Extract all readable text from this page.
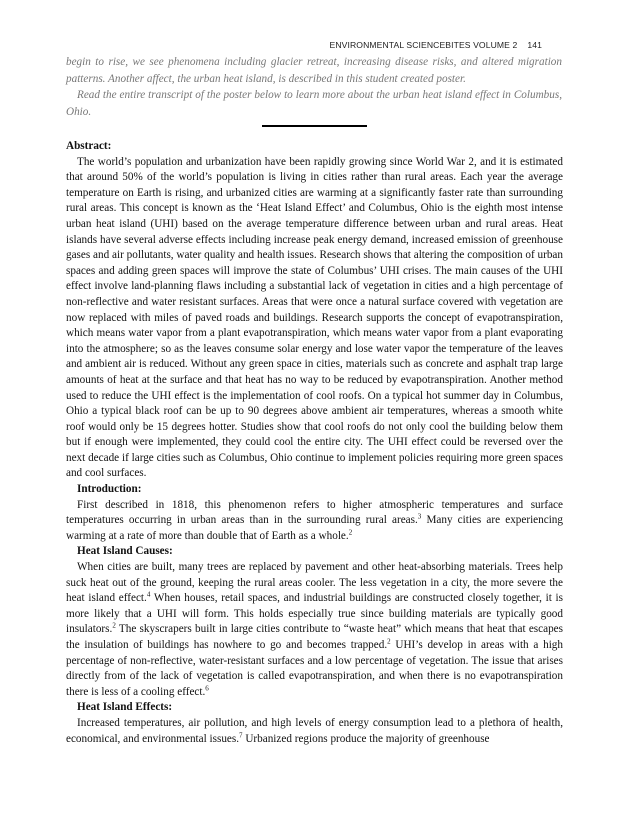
ENVIRONMENTAL SCIENCEBITES VOLUME 2 141
begin to rise, we see phenomena including glacier retreat, increasing disease risks, and altered migration patterns. Another affect, the urban heat island, is described in this student created poster.
Read the entire transcript of the poster below to learn more about the urban heat island effect in Columbus, Ohio.
Abstract:

The world’s population and urbanization have been rapidly growing since World War 2, and it is estimated that around 50% of the world’s population is living in cities rather than rural areas. Each year the average temperature on Earth is rising, and urbanized cities are warming at a significantly faster rate than surrounding rural areas. This concept is known as the ‘Heat Island Effect’ and Columbus, Ohio is the eighth most intense urban heat island (UHI) based on the average temperature difference between urban and rural areas. Heat islands have several adverse effects including increase peak energy demand, increased emission of greenhouse gases and air pollutants, water quality and health issues. Research shows that altering the composition of urban spaces and adding green spaces will improve the state of Columbus’ UHI crises. The main causes of the UHI effect involve land-planning flaws including a substantial lack of vegetation in cities and a high percentage of non-reflective and water resistant surfaces. Areas that were once a natural surface covered with vegetation are now replaced with miles of paved roads and buildings. Research supports the concept of evapotranspiration, which means water vapor from a plant evapotranspiration, which means water vapor from a plant evaporating into the atmosphere; so as the leaves consume solar energy and lose water vapor the temperature of the leaves and ambient air is reduced. Without any green space in cities, materials such as concrete and asphalt trap large amounts of heat at the surface and that heat has no way to be reduced by evapotranspiration. Another method used to reduce the UHI effect is the implementation of cool roofs. On a typical hot summer day in Columbus, Ohio a typical black roof can be up to 90 degrees above ambient air temperatures, whereas a smooth white roof would only be 15 degrees hotter. Studies show that cool roofs do not only cool the building below them but if enough were implemented, they could cool the entire city. The UHI effect could be reversed over the next decade if large cities such as Columbus, Ohio continue to implement policies requiring more green spaces and cool surfaces.

Introduction:

First described in 1818, this phenomenon refers to higher atmospheric temperatures and surface temperatures occurring in urban areas than in the surrounding rural areas.$^3$ Many cities are experiencing warming at a rate of more than double that of Earth as a whole.$^2$

Heat Island Causes:

When cities are built, many trees are replaced by pavement and other heat-absorbing materials. Trees help suck heat out of the ground, keeping the rural areas cooler. The less vegetation in a city, the more severe the heat island effect.$^4$ When houses, retail spaces, and industrial buildings are constructed closely together, it is more likely that a UHI will form. This holds especially true since building materials are typically good insulators.$^2$ The skyscrapers built in large cities contribute to “waste heat” which means that heat that escapes the insulation of buildings has nowhere to go and becomes trapped.$^2$ UHI’s develop in areas with a high percentage of non-reflective, water-resistant surfaces and a low percentage of vegetation. The issue that arises directly from of the lack of vegetation is called evapotranspiration, and when there is no evapotranspiration there is less of a cooling effect.$^6$

Heat Island Effects:

Increased temperatures, air pollution, and high levels of energy consumption lead to a plethora of health, economical, and environmental issues.$^7$ Urbanized regions produce the majority of greenhouse
